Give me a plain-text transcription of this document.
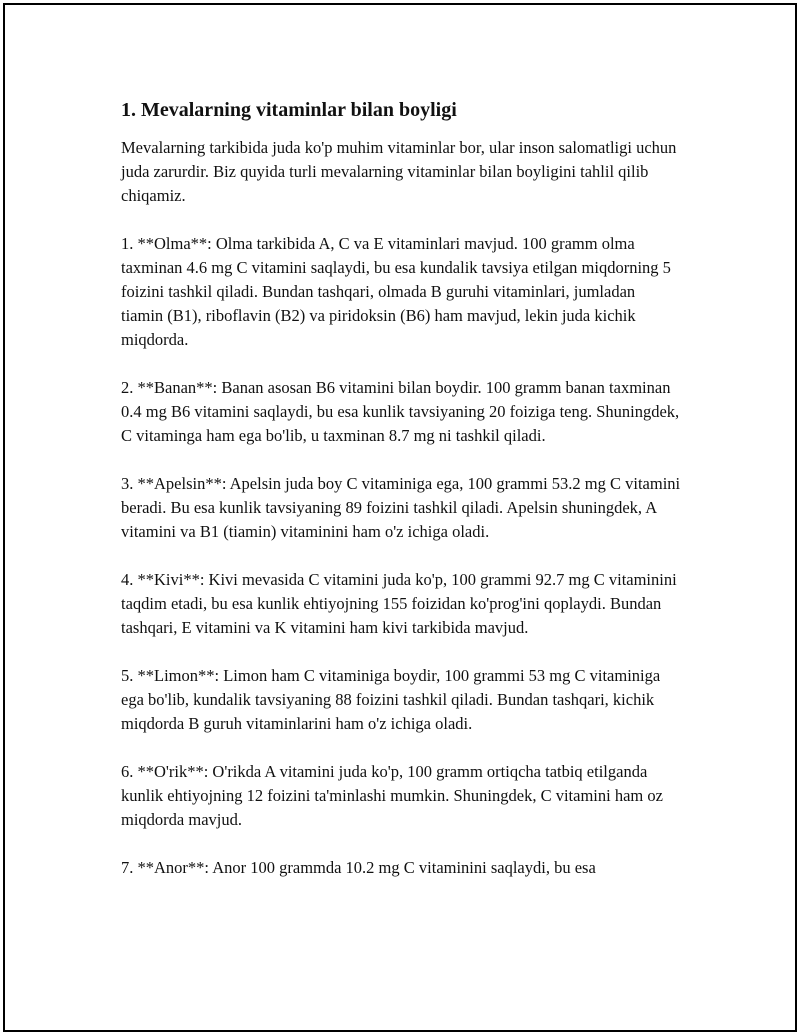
1. Mevalarning vitaminlar bilan boyligi

Mevalarning tarkibida juda ko'p muhim vitaminlar bor, ular inson salomatligi uchun juda zarurdir. Biz quyida turli mevalarning vitaminlar bilan boyligini tahlil qilib chiqamiz.

1. **Olma**: Olma tarkibida A, C va E vitaminlari mavjud. 100 gramm olma taxminan 4.6 mg C vitamini saqlaydi, bu esa kundalik tavsiya etilgan miqdorning 5 foizini tashkil qiladi. Bundan tashqari, olmada B guruhi vitaminlari, jumladan tiamin (B1), riboflavin (B2) va piridoksin (B6) ham mavjud, lekin juda kichik miqdorda.

2. **Banan**: Banan asosan B6 vitamini bilan boydir. 100 gramm banan taxminan 0.4 mg B6 vitamini saqlaydi, bu esa kunlik tavsiyaning 20 foiziga teng. Shuningdek, C vitaminga ham ega bo'lib, u taxminan 8.7 mg ni tashkil qiladi.

3. **Apelsin**: Apelsin juda boy C vitaminiga ega, 100 grammi 53.2 mg C vitamini beradi. Bu esa kunlik tavsiyaning 89 foizini tashkil qiladi. Apelsin shuningdek, A vitamini va B1 (tiamin) vitaminini ham o'z ichiga oladi.

4. **Kivi**: Kivi mevasida C vitamini juda ko'p, 100 grammi 92.7 mg C vitaminini taqdim etadi, bu esa kunlik ehtiyojning 155 foizidan ko'prog'ini qoplaydi. Bundan tashqari, E vitamini va K vitamini ham kivi tarkibida mavjud.

5. **Limon**: Limon ham C vitaminiga boydir, 100 grammi 53 mg C vitaminiga ega bo'lib, kundalik tavsiyaning 88 foizini tashkil qiladi. Bundan tashqari, kichik miqdorda B guruh vitaminlarini ham o'z ichiga oladi.

6. **O'rik**: O'rikda A vitamini juda ko'p, 100 gramm ortiqcha tatbiq etilganda kunlik ehtiyojning 12 foizini ta'minlashi mumkin. Shuningdek, C vitamini ham oz miqdorda mavjud.

7. **Anor**: Anor 100 grammda 10.2 mg C vitaminini saqlaydi, bu esa
